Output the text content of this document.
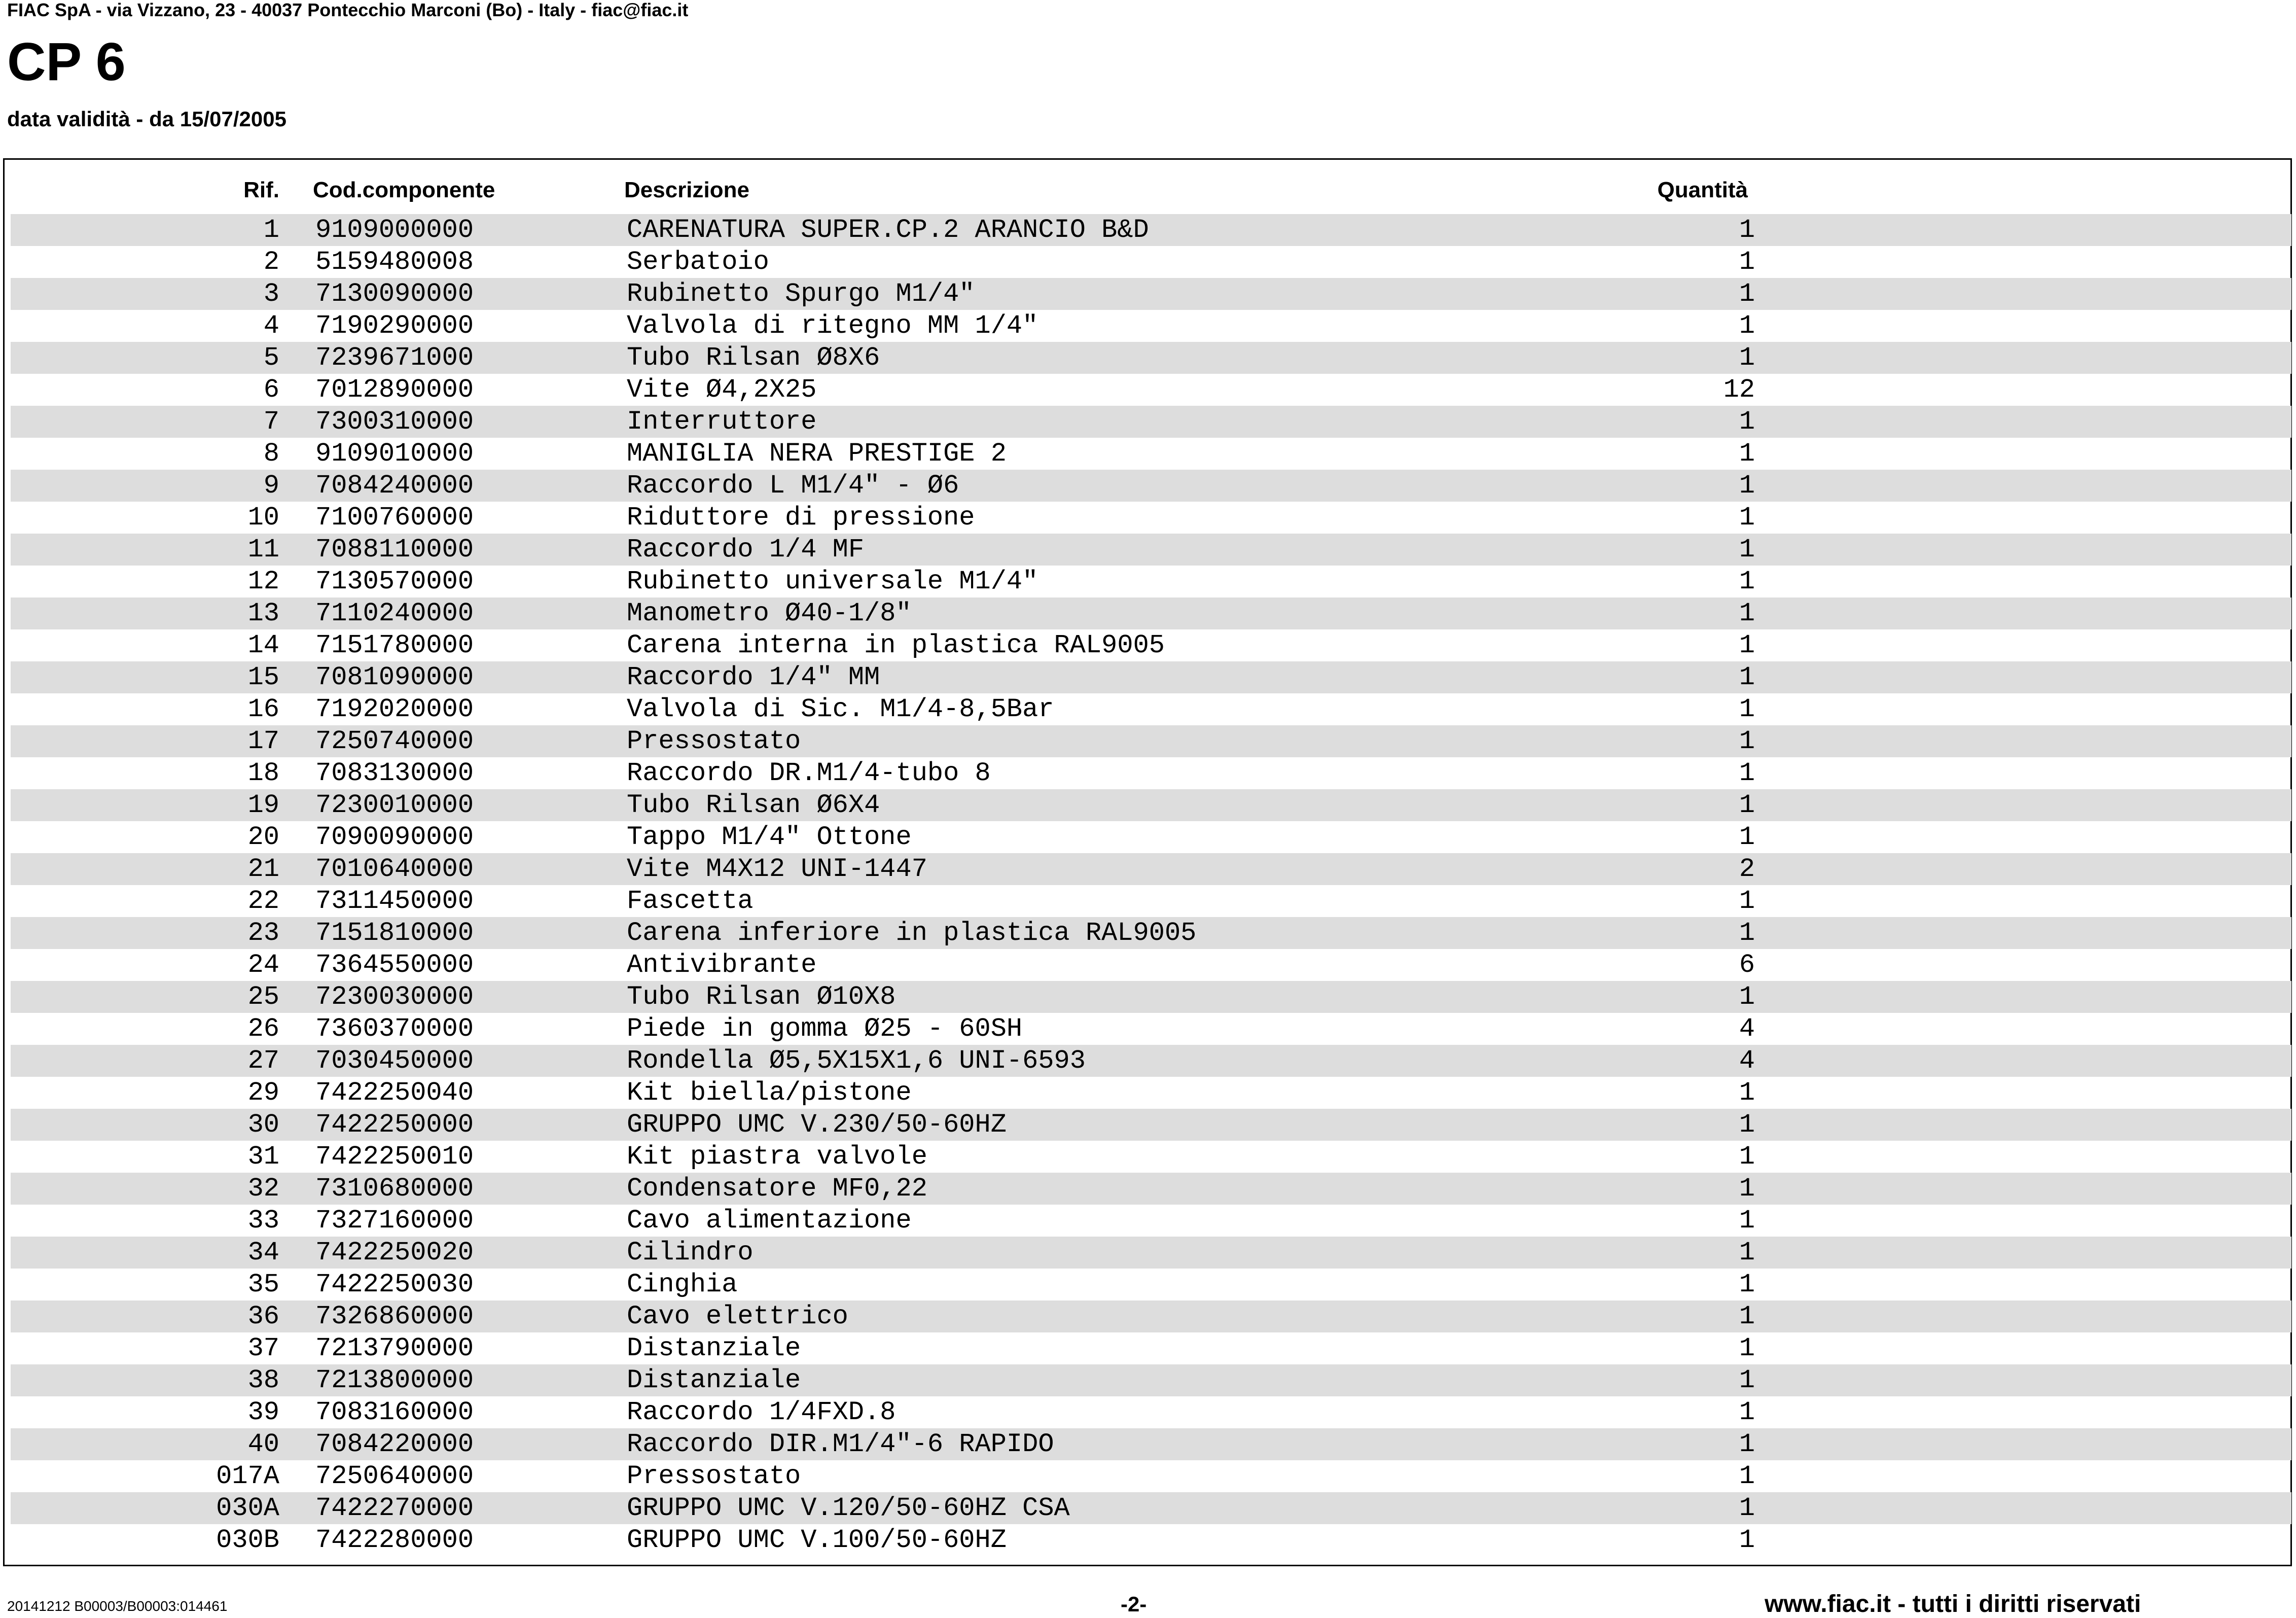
FIAC SpA - via Vizzano, 23 - 40037 Pontecchio Marconi (Bo) - Italy - fiac@fiac.it
CP 6
data validità - da 15/07/2005
Rif. Cod.componente	Descrizione	Quantità
1 9109000000	CARENATURA SUPER.CP.2 ARANCIO B&D	1
2 5159480008	Serbatoio	1
3 7130090000	Rubinetto Spurgo M1/4"	1
4 7190290000	Valvola di ritegno MM 1/4"	1
5 7239671000	Tubo Rilsan Ø8X6	1
6 7012890000	Vite Ø4,2X25	12
7 7300310000	Interruttore	1
8 9109010000	MANIGLIA NERA PRESTIGE 2	1
9 7084240000	Raccordo L M1/4" - Ø6	1
10 7100760000	Riduttore di pressione	1
11 7088110000	Raccordo 1/4 MF	1
12 7130570000	Rubinetto universale M1/4"	1
13 7110240000	Manometro Ø40-1/8"	1
14 7151780000	Carena interna in plastica RAL9005	1
15 7081090000	Raccordo 1/4" MM	1
16 7192020000	Valvola di Sic. M1/4-8,5Bar	1
17 7250740000	Pressostato	1
18 7083130000	Raccordo DR.M1/4-tubo 8	1
19 7230010000	Tubo Rilsan Ø6X4	1
20 7090090000	Tappo M1/4" Ottone	1
21 7010640000	Vite M4X12 UNI-1447	2
22 7311450000	Fascetta	1
23 7151810000	Carena inferiore in plastica RAL9005	1
24 7364550000	Antivibrante	6
25 7230030000	Tubo Rilsan Ø10X8	1
26 7360370000	Piede in gomma Ø25 - 60SH	4
27 7030450000	Rondella Ø5,5X15X1,6 UNI-6593	4
29 7422250040	Kit biella/pistone	1
30 7422250000	GRUPPO UMC V.230/50-60HZ	1
31 7422250010	Kit piastra valvole	1
32 7310680000	Condensatore MF0,22	1
33 7327160000	Cavo alimentazione	1
34 7422250020	Cilindro	1
35 7422250030	Cinghia	1
36 7326860000	Cavo elettrico	1
37 7213790000	Distanziale	1
38 7213800000	Distanziale	1
39 7083160000	Raccordo 1/4FXD.8	1
40 7084220000	Raccordo DIR.M1/4"-6 RAPIDO	1
017A 7250640000	Pressostato	1
030A 7422270000	GRUPPO UMC V.120/50-60HZ CSA	1
030B 7422280000	GRUPPO UMC V.100/50-60HZ	1
20141212 B00003/B00003:014461	-2-	www.fiac.it - tutti i diritti riservati
